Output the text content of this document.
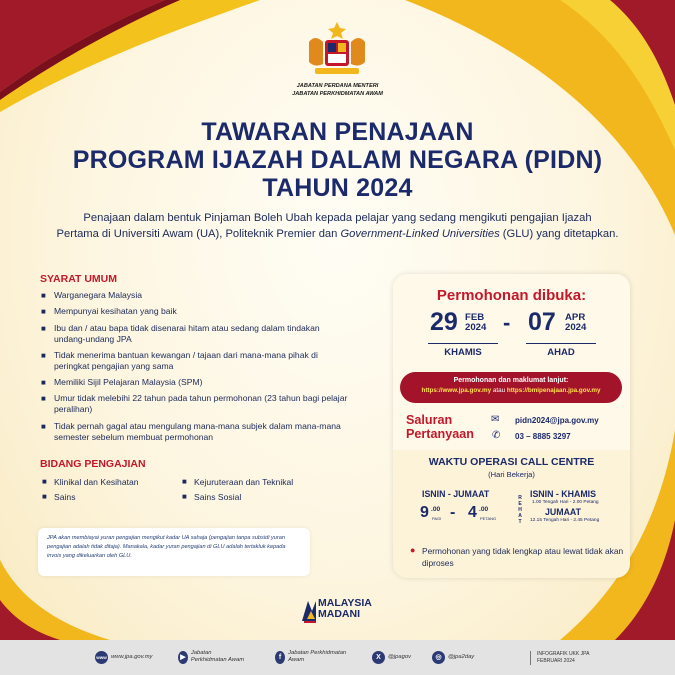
JABATAN PERDANA MENTERI
JABATAN PERKHIDMATAN AWAM
TAWARAN PENAJAAN
PROGRAM IJAZAH DALAM NEGARA (PIDN)
TAHUN 2024
Penajaan dalam bentuk Pinjaman Boleh Ubah kepada pelajar yang sedang mengikuti pengajian Ijazah
Pertama di Universiti Awam (UA), Politeknik Premier dan Government-Linked Universities (GLU) yang ditetapkan.
SYARAT UMUM
■ Warganegara Malaysia
■ Mempunyai kesihatan yang baik
■ Ibu dan / atau bapa tidak disenarai hitam atau sedang dalam tindakan undang-undang JPA
■ Tidak menerima bantuan kewangan / tajaan dari mana-mana pihak di peringkat pengajian yang sama
■ Memiliki Sijil Pelajaran Malaysia (SPM)
■ Umur tidak melebihi 22 tahun pada tahun permohonan (23 tahun bagi pelajar peralihan)
■ Tidak pernah gagal atau mengulang mana-mana subjek dalam mana-mana semester sebelum membuat permohonan
BIDANG PENGAJIAN
■ Klinikal dan Kesihatan	■ Kejuruteraan dan Teknikal
■ Sains	■ Sains Sosial
JPA akan membiayai yuran pengajian mengikut kadar UA sahaja (pengajian tanpa subsidi yuran pengajian adalah tidak ditaja). Manakala, kadar yuran pengajian di GLU adalah tertakluk kepada invois yang dikeluarkan oleh GLU.
Permohonan dibuka:
29 FEB
2024 - 07 APR
2024
KHAMIS	AHAD
Permohonan dan maklumat lanjut:
https://www.jpa.gov.my atau https://bmipenajaan.jpa.gov.my
Saluran
Pertanyaan
✉ pidn2024@jpa.gov.my
✆ 03 – 8885 3297
WAKTU OPERASI CALL CENTRE
(Hari Bekerja)
ISNIN - JUMAAT
9 .00
PAGI - 4 .00
PETANG
R E H A T
ISNIN - KHAMIS
1.00 Tengah Hari - 2.00 Petang
JUMAAT
12.15 Tengah Hari - 2.45 Petang
● Permohonan yang tidak lengkap atau lewat tidak akan diproses
MALAYSIA
MADANI
www www.jpa.gov.my	▶
Jabatan Perkhidmatan Awam	f
Jabatan Perkhidmatan Awam	X	@jpagov	◎	@jpa2day	INFOGRAFIK UKK JPA
FEBRUARI 2024
